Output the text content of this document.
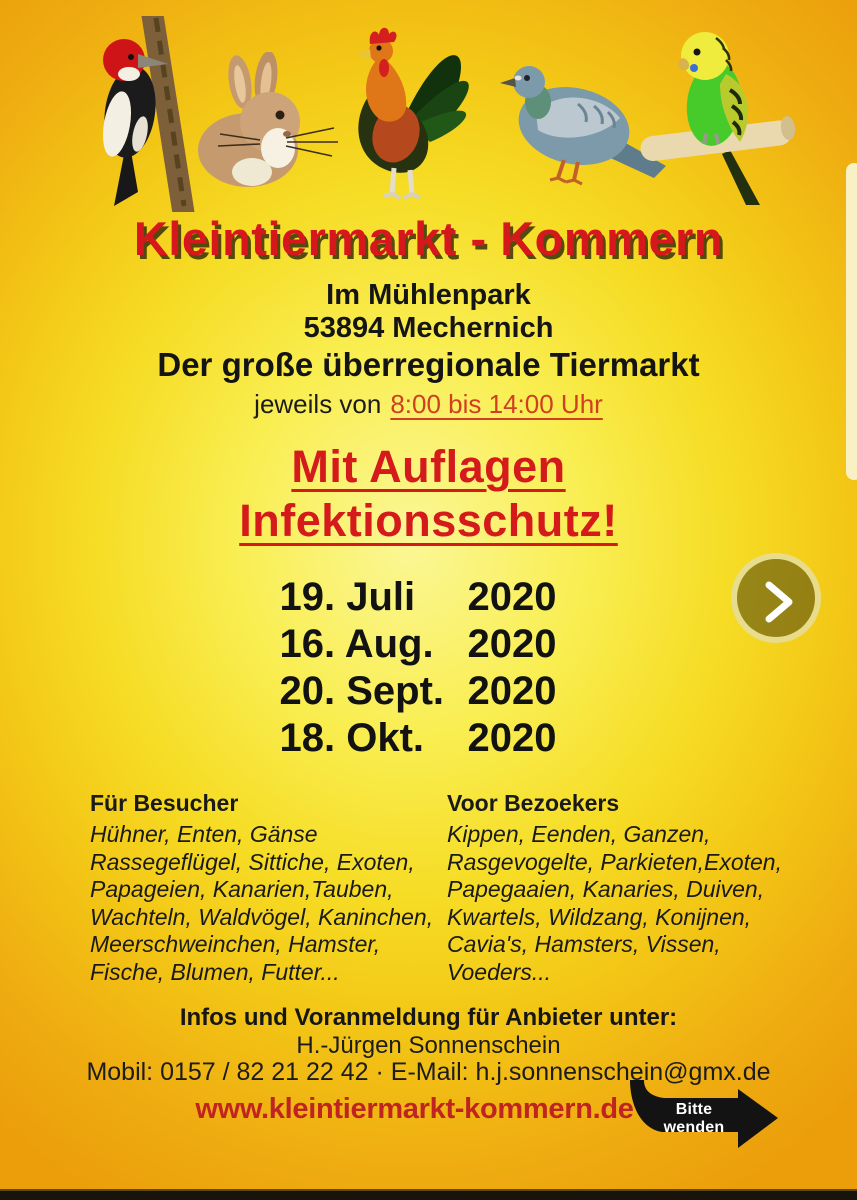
Kleintiermarkt - Kommern
Im Mühlenpark
53894 Mechernich
Der große überregionale Tiermarkt
jeweils von 8:00 bis 14:00 Uhr
Mit Auflagen
Infektionsschutz!
19. Juli	2020
16. Aug. 2020
20. Sept. 2020
18. Okt.	2020
Für Besucher
Hühner, Enten, Gänse
Rassegeflügel, Sittiche, Exoten,
Papageien, Kanarien,Tauben,
Wachteln, Waldvögel, Kaninchen,
Meerschweinchen, Hamster,
Fische, Blumen, Futter...
Voor Bezoekers
Kippen, Eenden, Ganzen,
Rasgevogelte, Parkieten,Exoten,
Papegaaien, Kanaries, Duiven,
Kwartels, Wildzang, Konijnen,
Cavia's, Hamsters, Vissen,
Voeders...
Infos und Voranmeldung für Anbieter unter:
H.-Jürgen Sonnenschein
Mobil: 0157 / 82 21 22 42 · E-Mail: h.j.sonnenschein@gmx.de
www.kleintiermarkt-kommern.de	Bitte wenden
